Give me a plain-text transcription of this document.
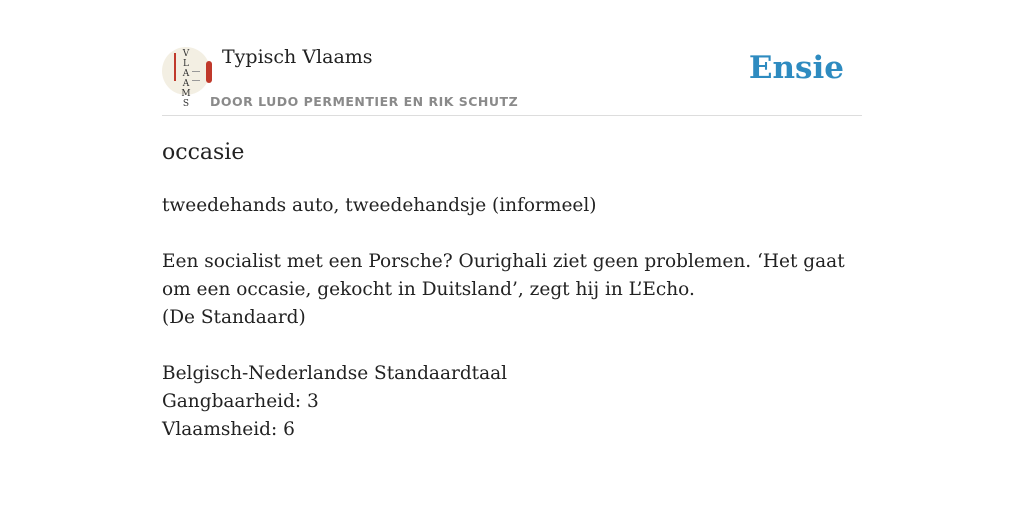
V
L
A
A
M
S
Typisch Vlaams
DOOR LUDO PERMENTIER EN RIK SCHUTZ
Ensie
occasie
tweedehands auto, tweedehandsje (informeel)
Een socialist met een Porsche? Ourighali ziet geen problemen. ‘Het gaat om een occasie, gekocht in Duitsland’, zegt hij in L’Echo.
(De Standaard)
Belgisch-Nederlandse Standaardtaal
Gangbaarheid: 3
Vlaamsheid: 6
